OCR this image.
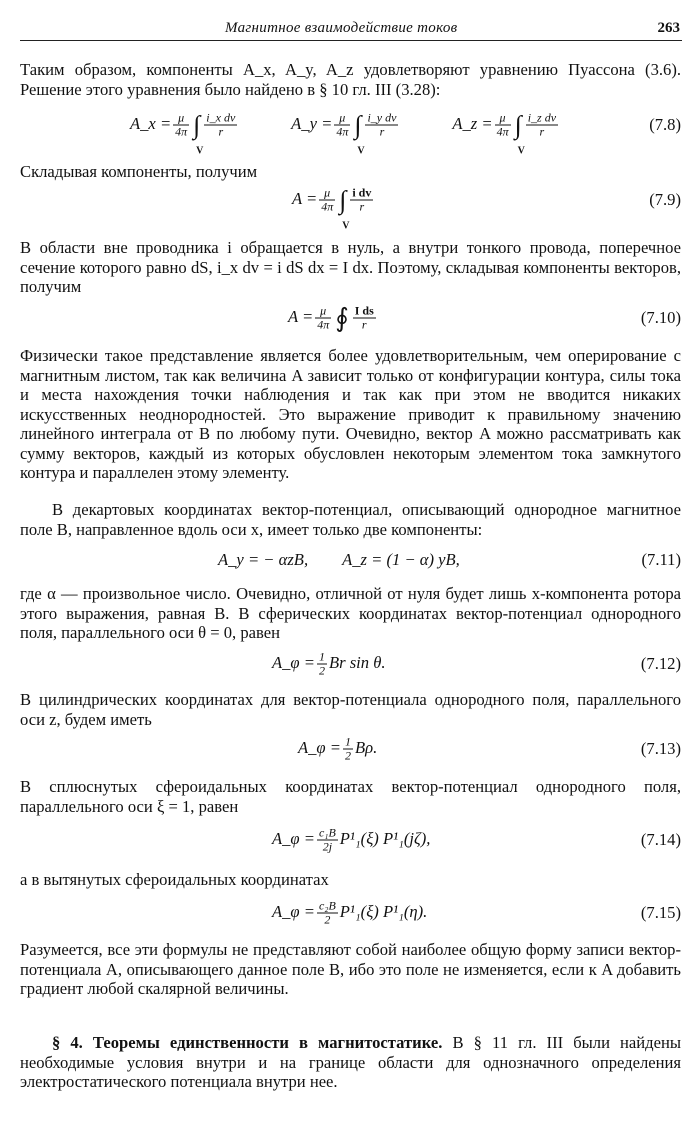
Магнитное взаимодействие токов	263
Таким образом, компоненты A_x, A_y, A_z удовлетворяют уравнению Пуассона (3.6). Решение этого уравнения было найдено в § 10 гл. III (3.28):
A_x = $\frac{\mu}{4\pi}$ ∫
V
$\frac{\text{i\_x dv}}{r}$	A_y = $\frac{\mu}{4\pi}$ ∫
V
$\frac{\text{i\_y dv}}{r}$	A_z = $\frac{\mu}{4\pi}$ ∫
V
$\frac{\text{i\_z dv}}{r}$	(7.8)
Складывая компоненты, получим
$A = \frac{\mu}{4\pi}$ ∫
V
$\frac{\text{i dv}}{r}$	(7.9)
В области вне проводника i обращается в нуль, а внутри тонкого провода, поперечное сечение которого равно dS, i_x dv = i dS dx = I dx. Поэтому, складывая компоненты векторов, получим
$A = \frac{\mu}{4\pi}$ ∮ $\frac{\text{I ds}}{r}$	(7.10)
Физически такое представление является более удовлетворительным, чем оперирование с магнитным листом, так как величина A зависит только от конфигурации контура, силы тока и места нахождения точки наблюдения и так как при этом не вводится никаких искусственных неоднородностей. Это выражение приводит к правильному значению линейного интеграла от B по любому пути. Очевидно, вектор A можно рассматривать как сумму векторов, каждый из которых обусловлен некоторым элементом тока замкнутого контура и параллелен этому элементу.
В декартовых координатах вектор-потенциал, описывающий однородное магнитное поле B, направленное вдоль оси x, имеет только две компоненты:
A_y = − αzB, A_z = (1 − α) yB,	(7.11)
где α — произвольное число. Очевидно, отличной от нуля будет лишь x-компонента ротора этого выражения, равная B. В сферических координатах вектор-потенциал однородного поля, параллельного оси θ = 0, равен
A_φ = $\frac{1}{2}$ Br sin θ.	(7.12)
В цилиндрических координатах для вектор-потенциала однородного поля, параллельного оси z, будем иметь
A_φ = $\frac{1}{2} B\rho$.	(7.13)
В сплюснутых сфероидальных координатах вектор-потенциал однородного поля, параллельного оси ξ = 1, равен
A_φ = $\frac{\text{c₁B}}{2j} P^1_1(\xi)$ P¹₁(jζ),	(7.14)
а в вытянутых сфероидальных координатах
A_φ = $\frac{\text{c₂B}}{2} P^1_1(\xi)$ P¹₁(η).	(7.15)
Разумеется, все эти формулы не представляют собой наиболее общую форму записи вектор-потенциала A, описывающего данное поле B, ибо это поле не изменяется, если к A добавить градиент любой скалярной величины.
§ 4. Теоремы единственности в магнитостатике. В § 11 гл. III были найдены необходимые условия внутри и на границе области для однозначного определения электростатического потенциала внутри нее.
